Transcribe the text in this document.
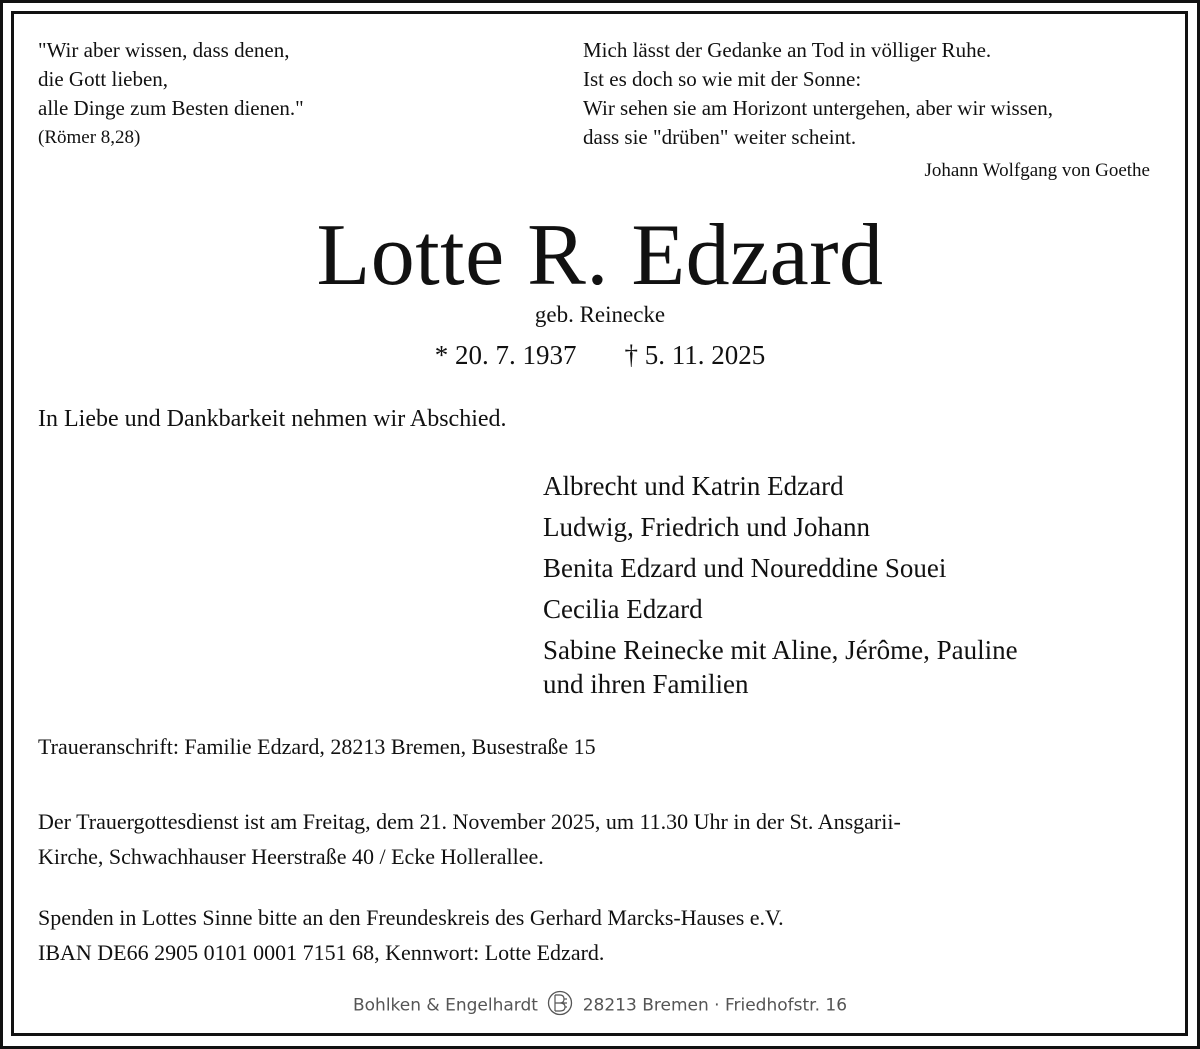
"Wir aber wissen, dass denen,
die Gott lieben,
alle Dinge zum Besten dienen."
(Römer 8,28)
Mich lässt der Gedanke an Tod in völliger Ruhe.
Ist es doch so wie mit der Sonne:
Wir sehen sie am Horizont untergehen, aber wir wissen,
dass sie "drüben" weiter scheint.
Johann Wolfgang von Goethe
Lotte R. Edzard
geb. Reinecke
* 20. 7. 1937 † 5. 11. 2025
In Liebe und Dankbarkeit nehmen wir Abschied.
Albrecht und Katrin Edzard
Ludwig, Friedrich und Johann
Benita Edzard und Noureddine Souei
Cecilia Edzard
Sabine Reinecke mit Aline, Jérôme, Pauline
und ihren Familien
Traueranschrift: Familie Edzard, 28213 Bremen, Busestraße 15
Der Trauergottesdienst ist am Freitag, dem 21. November 2025, um 11.30 Uhr in der St. Ansgarii-
Kirche, Schwachhauser Heerstraße 40 / Ecke Hollerallee.
Spenden in Lottes Sinne bitte an den Freundeskreis des Gerhard Marcks-Hauses e.V.
IBAN DE66 2905 0101 0001 7151 68, Kennwort: Lotte Edzard.
Bohlken & Engelhardt	28213 Bremen · Friedhofstr. 16
